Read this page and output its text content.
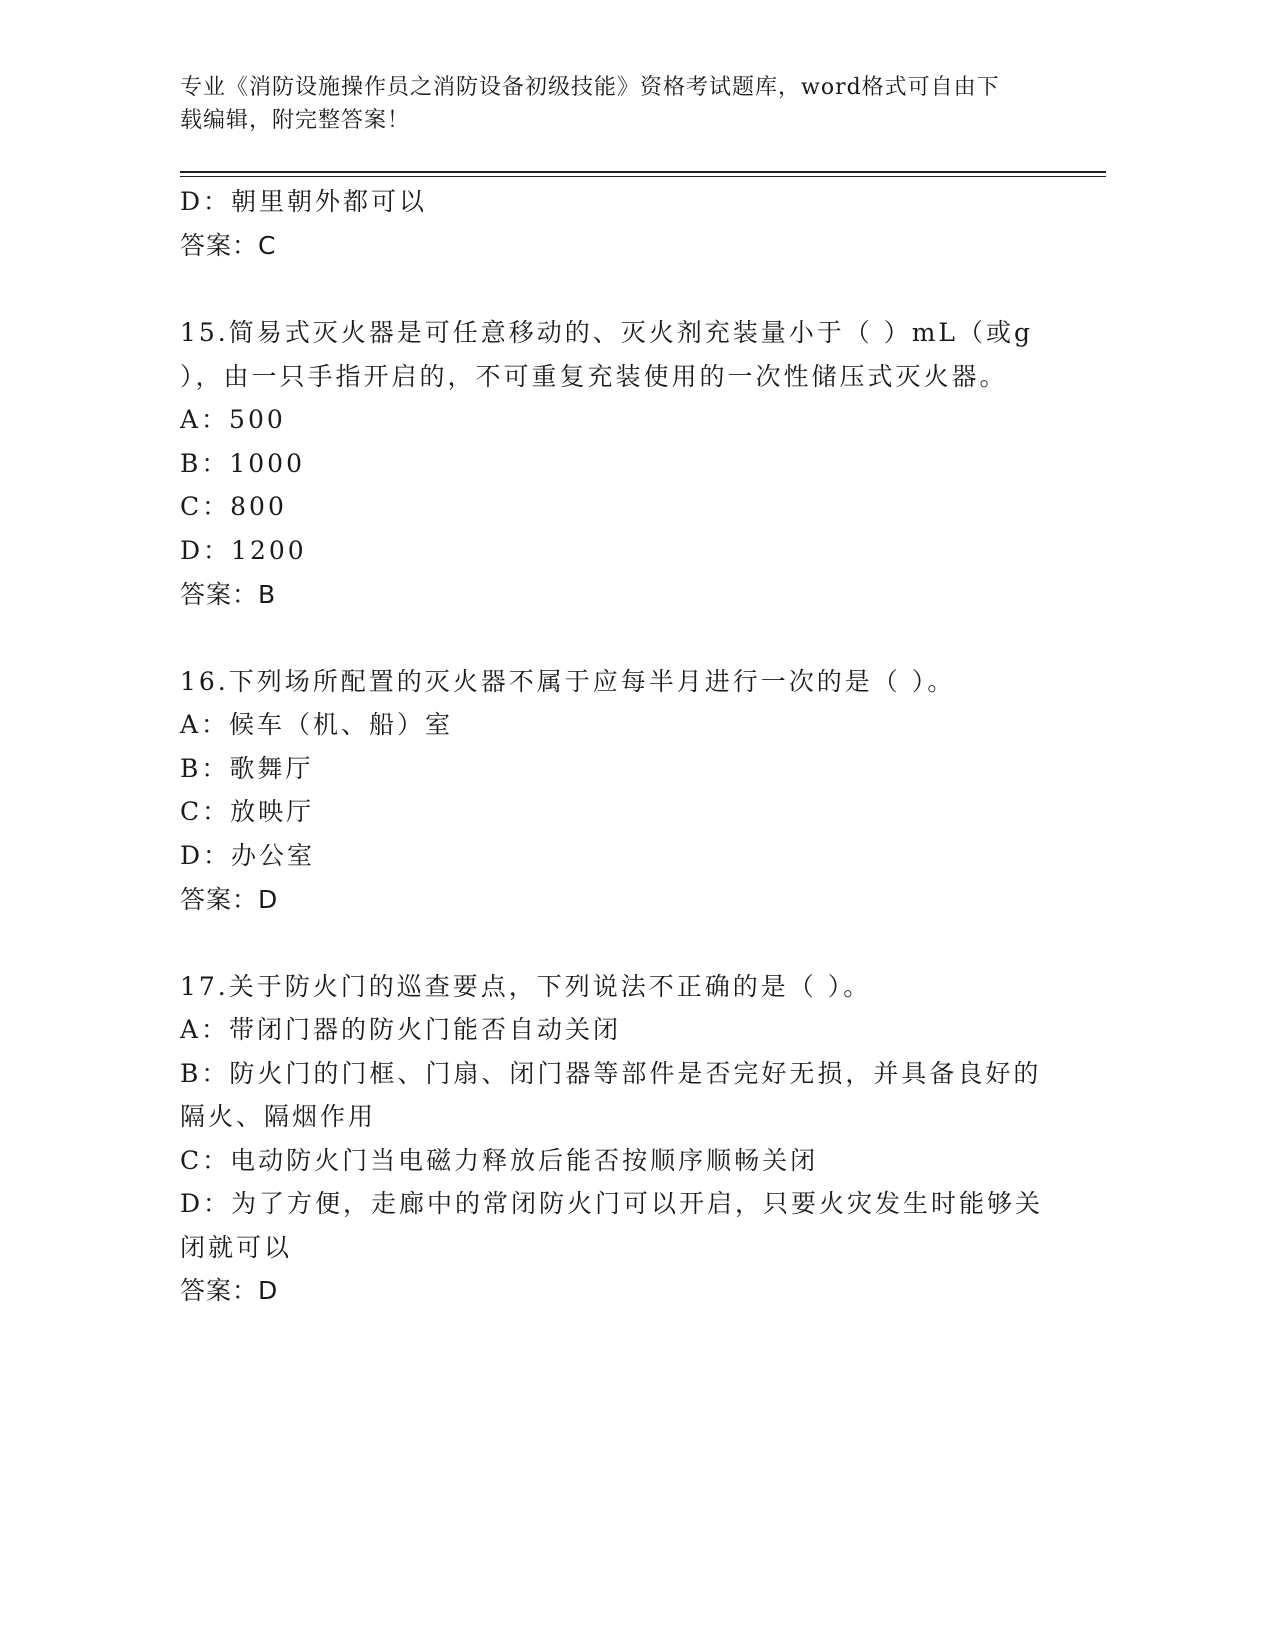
专业《消防设施操作员之消防设备初级技能》资格考试题库，word格式可自由下
载编辑，附完整答案！
D：朝里朝外都可以
答案：C
15.简易式灭火器是可任意移动的、灭火剂充装量小于（ ）mL（或g
），由一只手指开启的，不可重复充装使用的一次性储压式灭火器。
A：500
B：1000
C：800
D：1200
答案：B
16.下列场所配置的灭火器不属于应每半月进行一次的是（ ）。
A：候车（机、船）室
B：歌舞厅
C：放映厅
D：办公室
答案：D
17.关于防火门的巡查要点，下列说法不正确的是（ ）。
A：带闭门器的防火门能否自动关闭
B：防火门的门框、门扇、闭门器等部件是否完好无损，并具备良好的
隔火、隔烟作用
C：电动防火门当电磁力释放后能否按顺序顺畅关闭
D：为了方便，走廊中的常闭防火门可以开启，只要火灾发生时能够关
闭就可以
答案：D
